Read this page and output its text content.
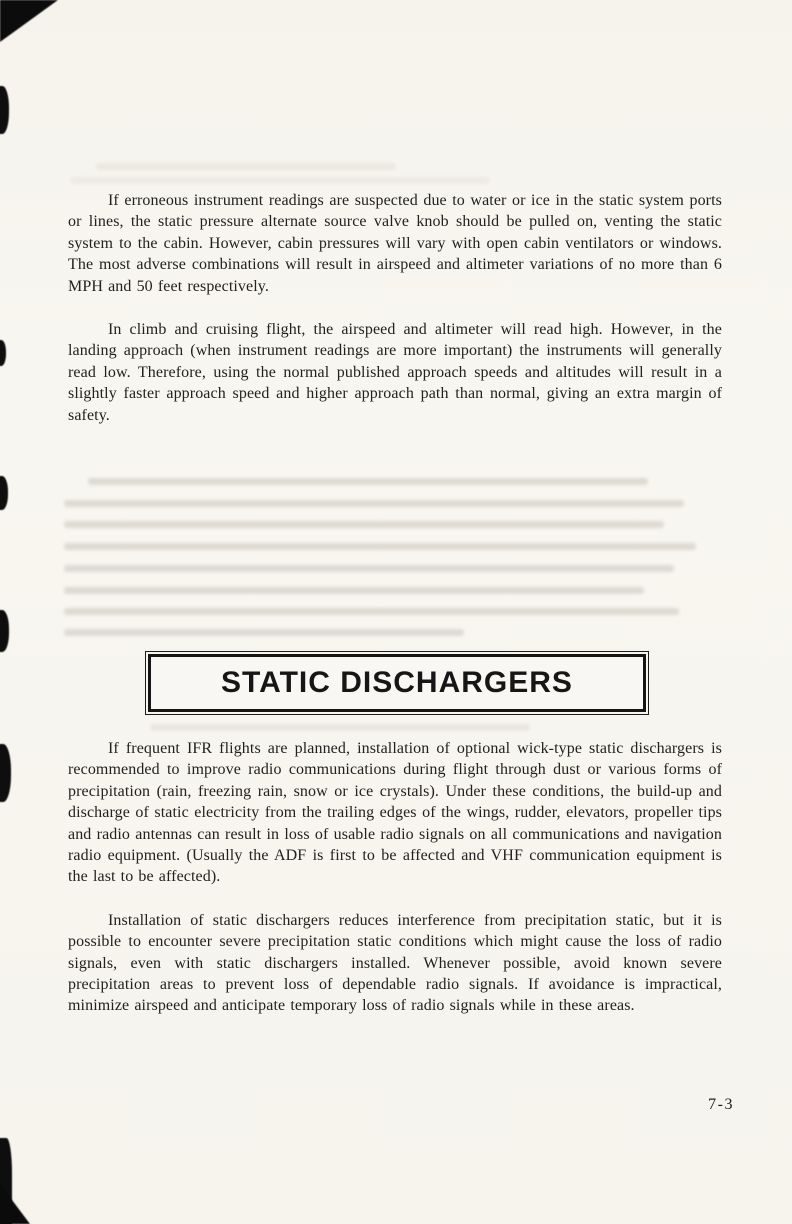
If erroneous instrument readings are suspected due to water or ice in the static system ports or lines, the static pressure alternate source valve knob should be pulled on, venting the static system to the cabin. However, cabin pressures will vary with open cabin ventilators or windows. The most adverse combinations will result in airspeed and altimeter variations of no more than 6 MPH and 50 feet respectively.

In climb and cruising flight, the airspeed and altimeter will read high. However, in the landing approach (when instrument readings are more important) the instruments will generally read low. Therefore, using the normal published approach speeds and altitudes will result in a slightly faster approach speed and higher approach path than normal, giving an extra margin of safety.

STATIC DISCHARGERS

If frequent IFR flights are planned, installation of optional wick-type static dischargers is recommended to improve radio communications during flight through dust or various forms of precipitation (rain, freezing rain, snow or ice crystals). Under these conditions, the build-up and discharge of static electricity from the trailing edges of the wings, rudder, elevators, propeller tips and radio antennas can result in loss of usable radio signals on all communications and navigation radio equipment. (Usually the ADF is first to be affected and VHF communication equipment is the last to be affected).

Installation of static dischargers reduces interference from precipitation static, but it is possible to encounter severe precipitation static conditions which might cause the loss of radio signals, even with static dischargers installed. Whenever possible, avoid known severe precipitation areas to prevent loss of dependable radio signals. If avoidance is impractical, minimize airspeed and anticipate temporary loss of radio signals while in these areas.

7-3
